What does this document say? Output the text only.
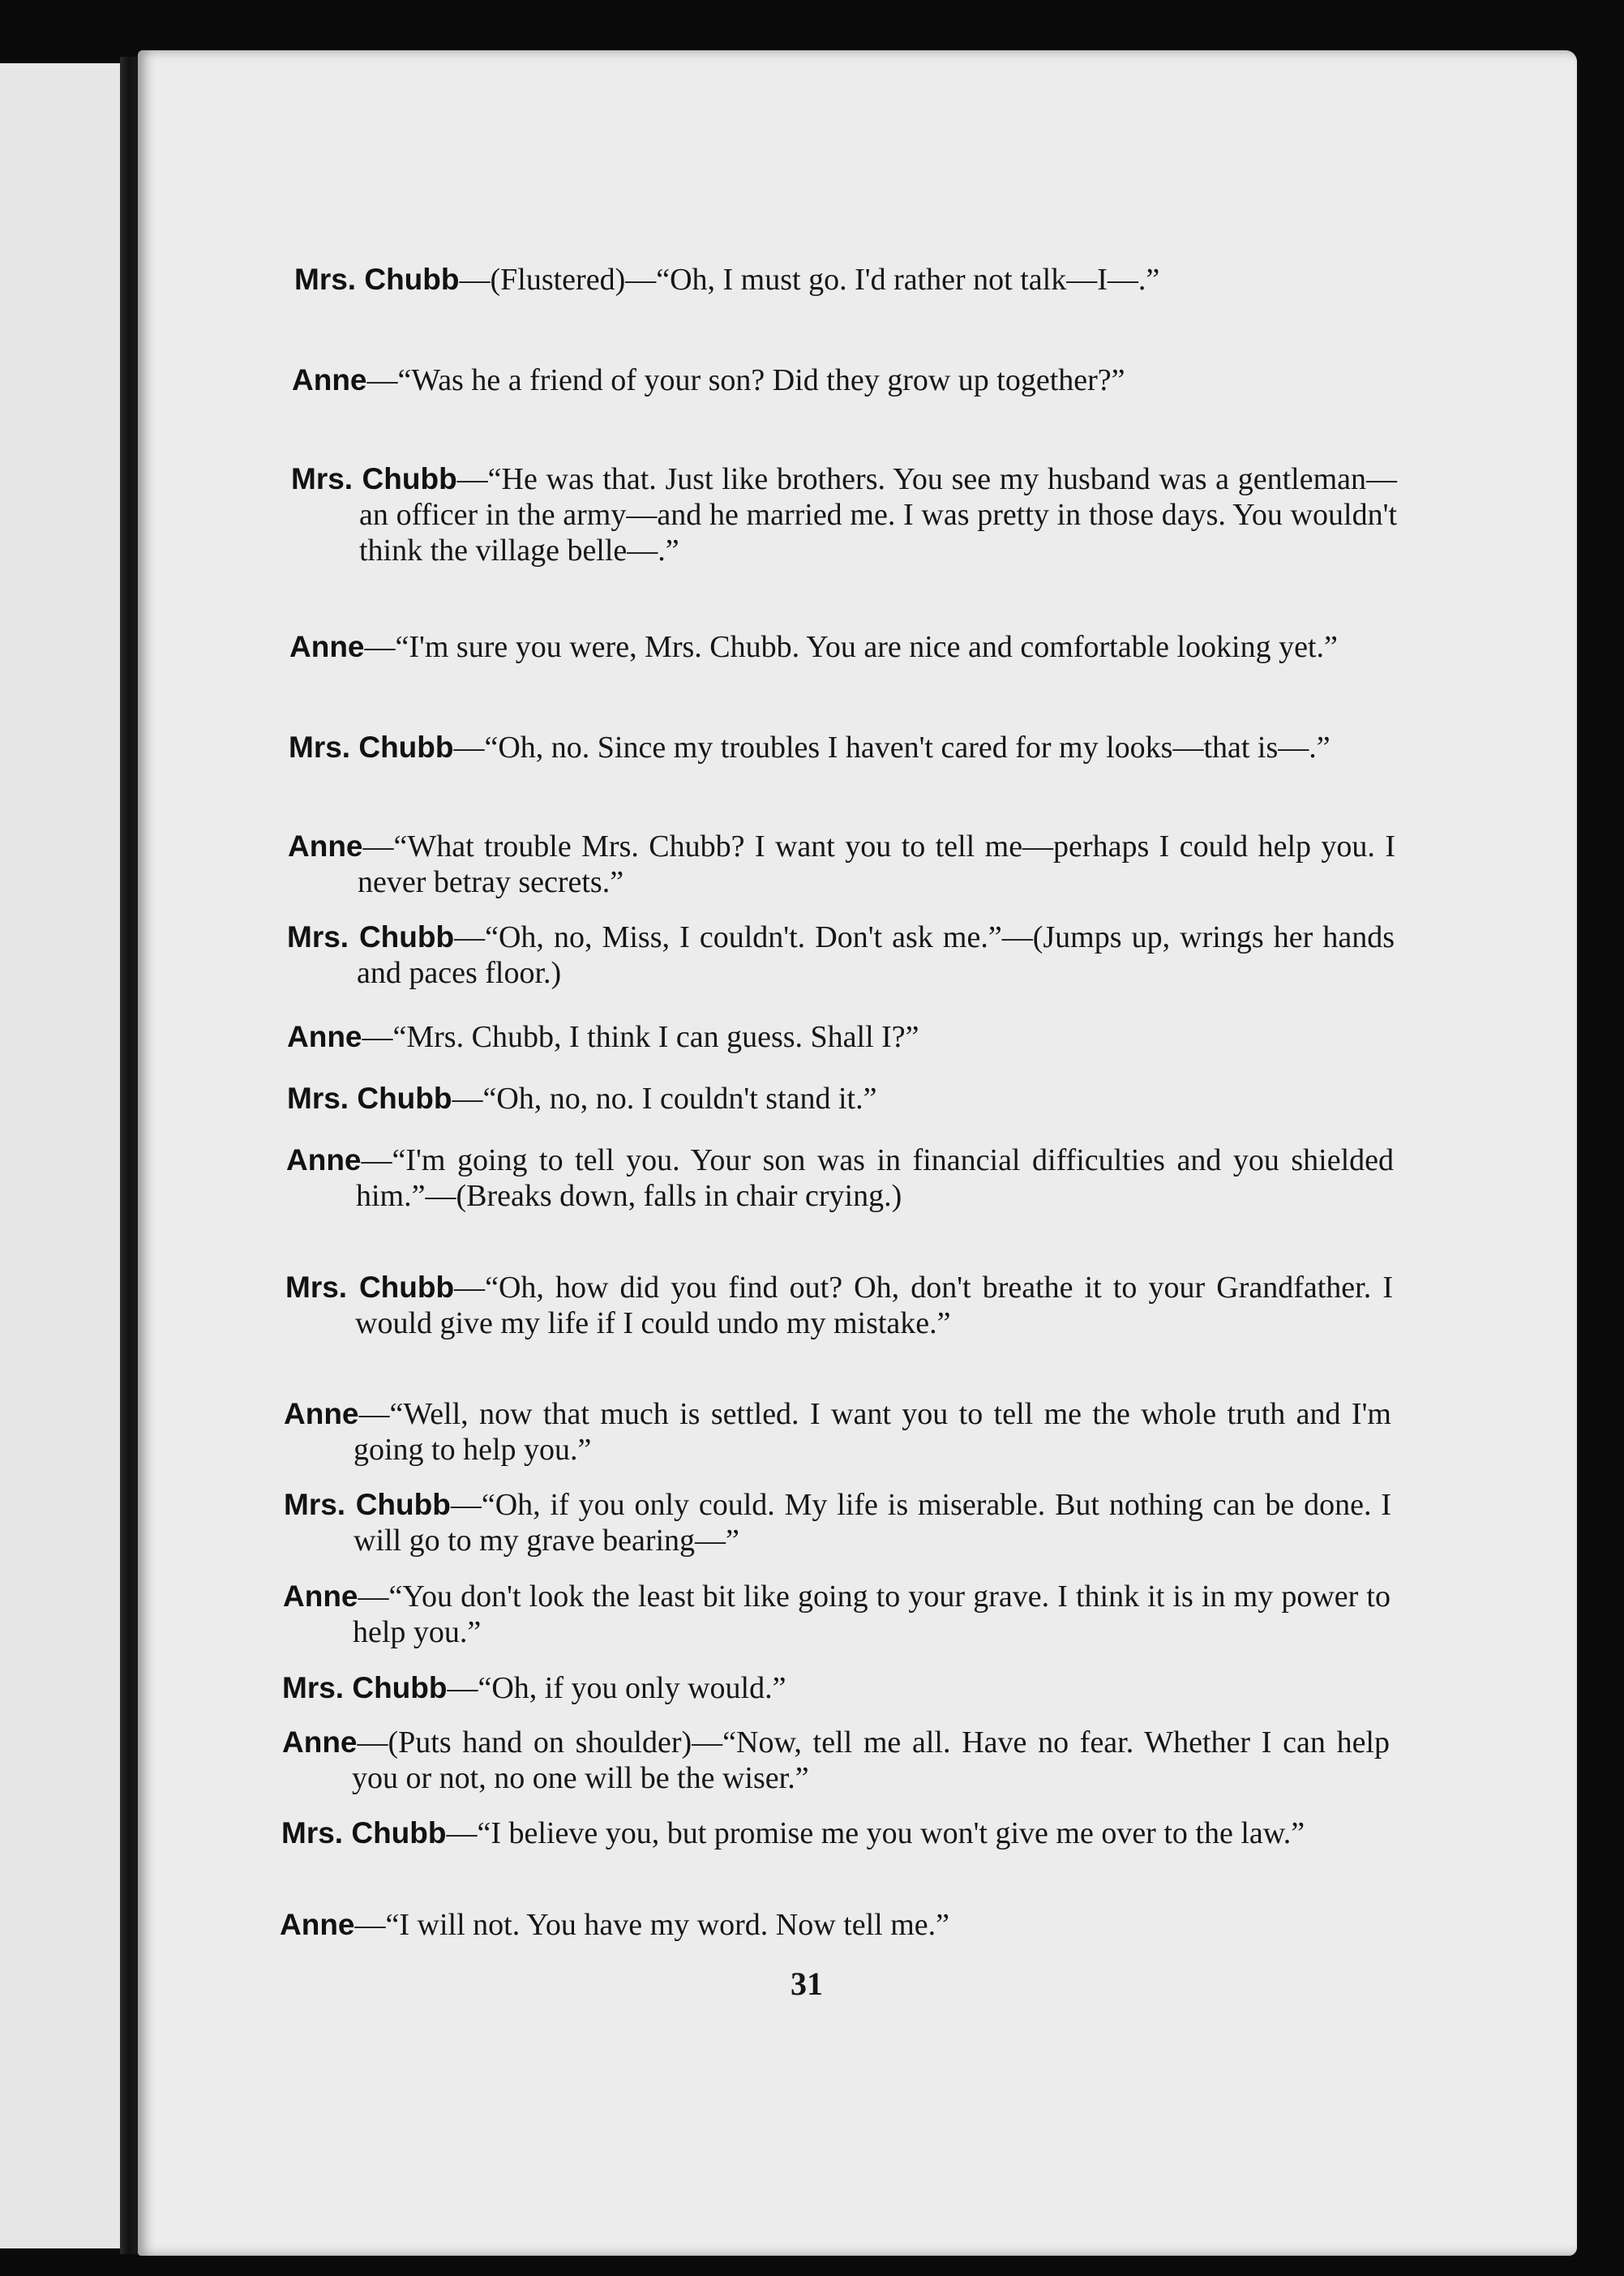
Mrs. Chubb—(Flustered)—“Oh, I must go. I'd rather not talk—I—.”
Anne—“Was he a friend of your son? Did they grow up together?”
Mrs. Chubb—“He was that. Just like brothers. You see my husband was a gentleman—an officer in the army—and he married me. I was pretty in those days. You wouldn't think the village belle—.”
Anne—“I'm sure you were, Mrs. Chubb. You are nice and comfortable looking yet.”
Mrs. Chubb—“Oh, no. Since my troubles I haven't cared for my looks—that is—.”
Anne—“What trouble Mrs. Chubb? I want you to tell me—perhaps I could help you. I never betray secrets.”
Mrs. Chubb—“Oh, no, Miss, I couldn't. Don't ask me.”—(Jumps up, wrings her hands and paces floor.)
Anne—“Mrs. Chubb, I think I can guess. Shall I?”
Mrs. Chubb—“Oh, no, no. I couldn't stand it.”
Anne—“I'm going to tell you. Your son was in financial difficulties and you shielded him.”—(Breaks down, falls in chair crying.)
Mrs. Chubb—“Oh, how did you find out? Oh, don't breathe it to your Grandfather. I would give my life if I could undo my mistake.”
Anne—“Well, now that much is settled. I want you to tell me the whole truth and I'm going to help you.”
Mrs. Chubb—“Oh, if you only could. My life is miserable. But nothing can be done. I will go to my grave bearing—”
Anne—“You don't look the least bit like going to your grave. I think it is in my power to help you.”
Mrs. Chubb—“Oh, if you only would.”
Anne—(Puts hand on shoulder)—“Now, tell me all. Have no fear. Whether I can help you or not, no one will be the wiser.”
Mrs. Chubb—“I believe you, but promise me you won't give me over to the law.”
Anne—“I will not. You have my word. Now tell me.”
31
